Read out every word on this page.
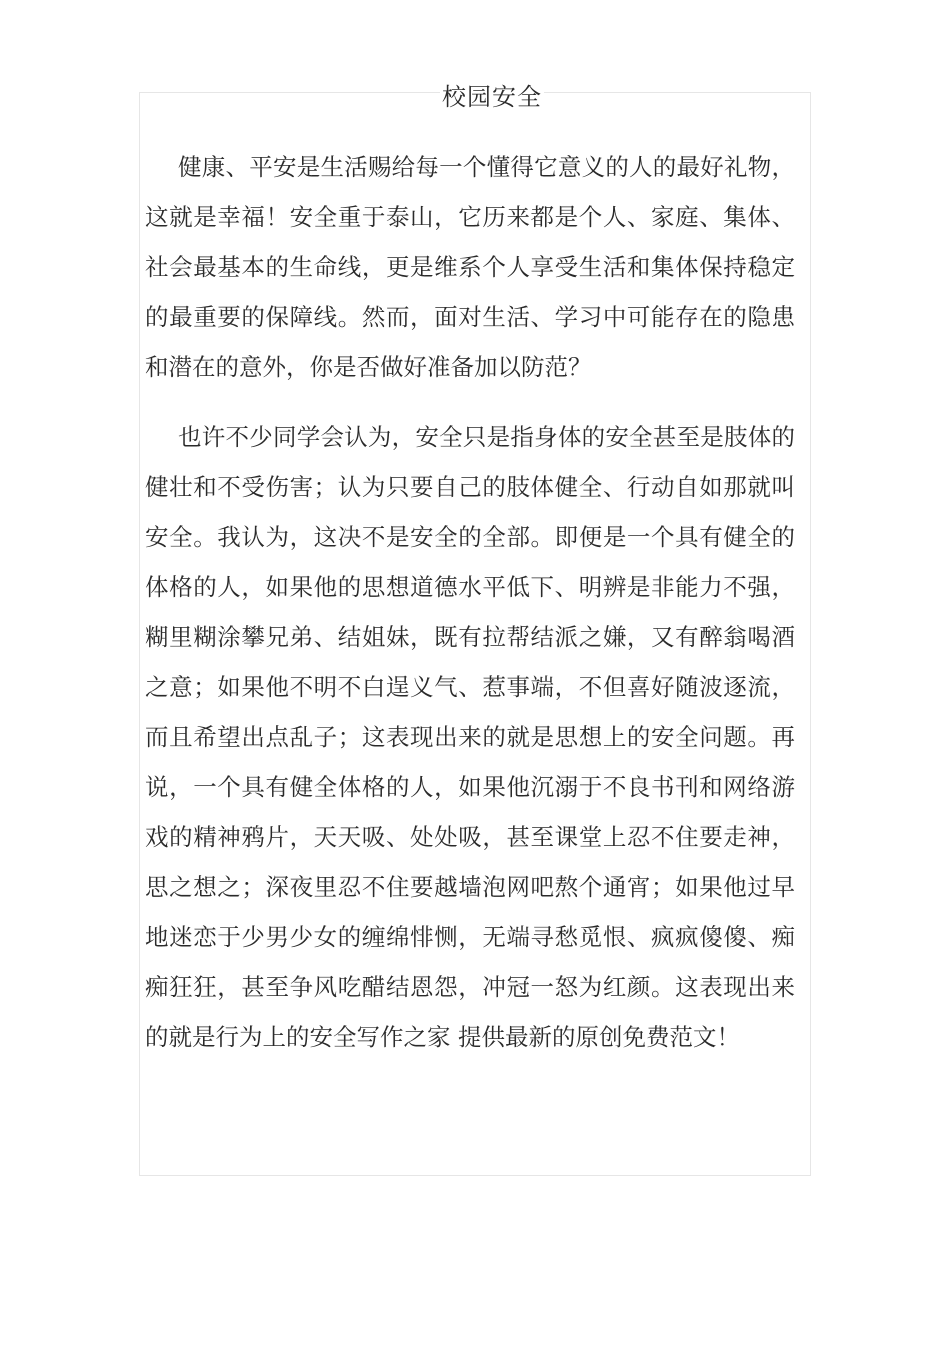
校园安全

健康、平安是生活赐给每一个懂得它意义的人的最好礼物，这就是幸福！安全重于泰山，它历来都是个人、家庭、集体、社会最基本的生命线，更是维系个人享受生活和集体保持稳定的最重要的保障线。然而，面对生活、学习中可能存在的隐患和潜在的意外，你是否做好准备加以防范？

也许不少同学会认为，安全只是指身体的安全甚至是肢体的健壮和不受伤害；认为只要自己的肢体健全、行动自如那就叫安全。我认为，这决不是安全的全部。即便是一个具有健全的体格的人，如果他的思想道德水平低下、明辨是非能力不强，糊里糊涂攀兄弟、结姐妹，既有拉帮结派之嫌，又有醉翁喝酒之意；如果他不明不白逞义气、惹事端，不但喜好随波逐流，而且希望出点乱子；这表现出来的就是思想上的安全问题。再说，一个具有健全体格的人，如果他沉溺于不良书刊和网络游戏的精神鸦片，天天吸、处处吸，甚至课堂上忍不住要走神，思之想之；深夜里忍不住要越墙泡网吧熬个通宵；如果他过早地迷恋于少男少女的缠绵悱恻，无端寻愁觅恨、疯疯傻傻、痴痴狂狂，甚至争风吃醋结恩怨，冲冠一怒为红颜。这表现出来的就是行为上的安全写作之家 提供最新的原创免费范文！
